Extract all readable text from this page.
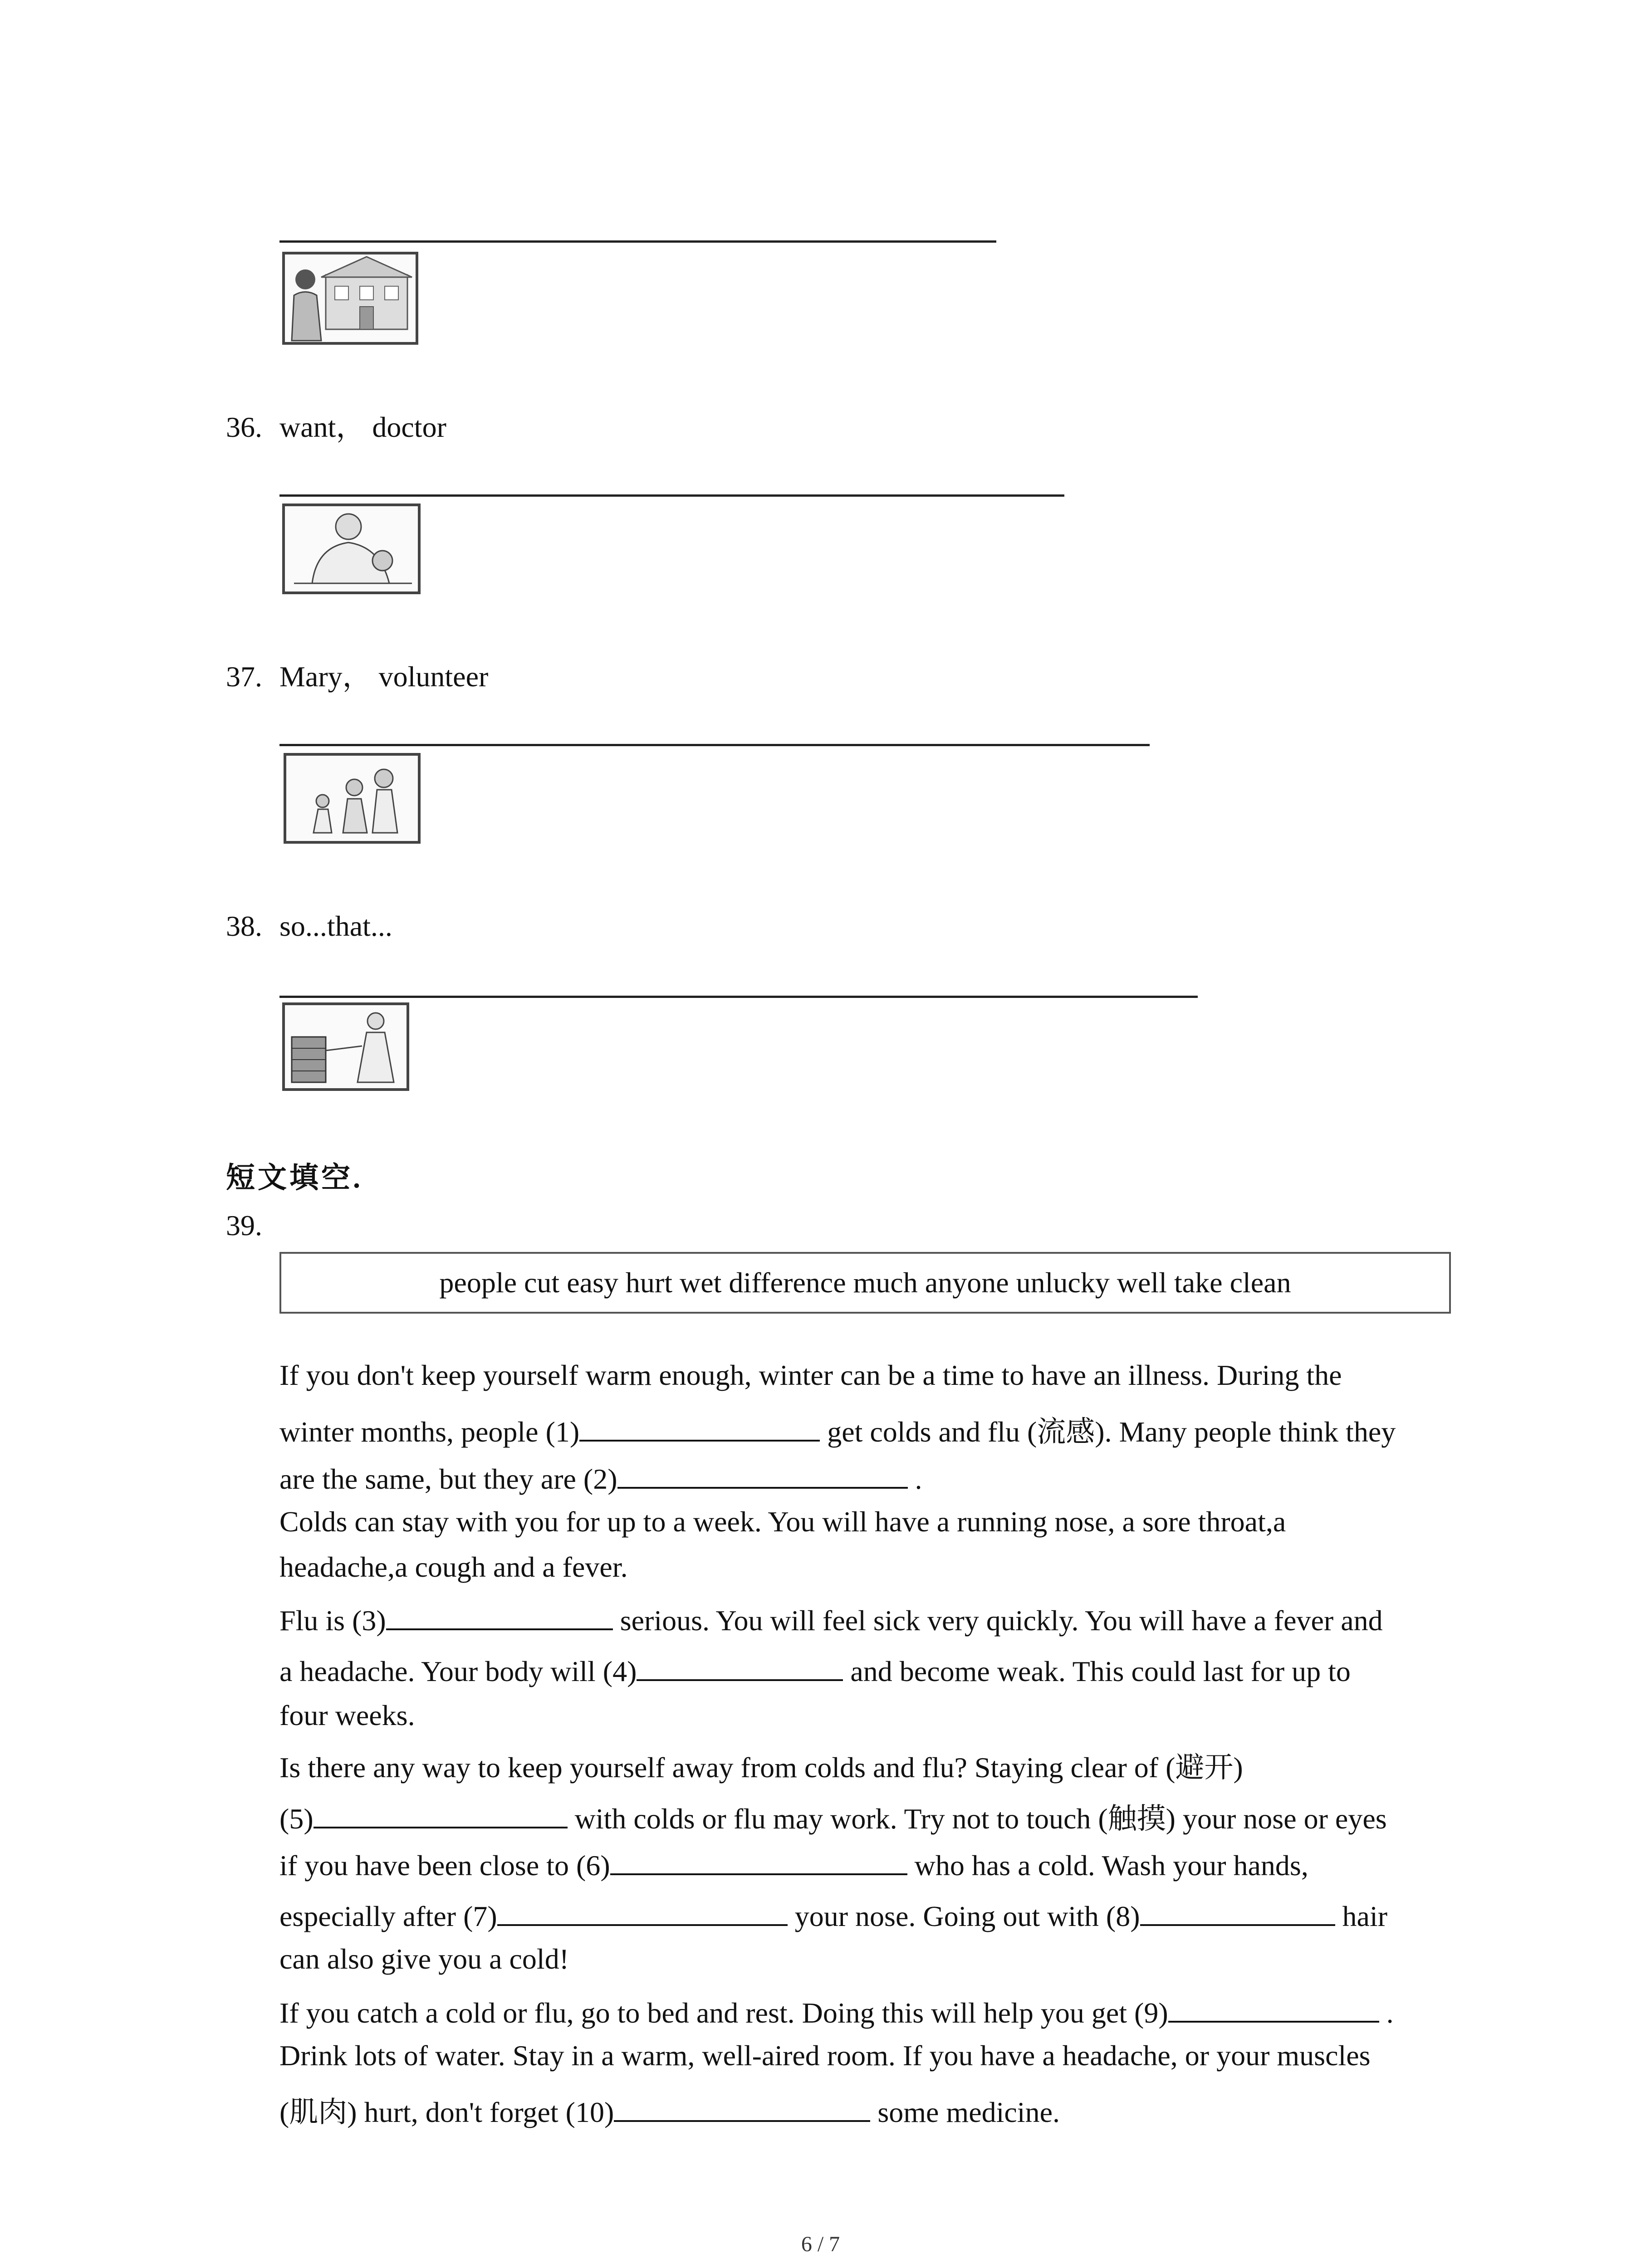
36. want， doctor
37. Mary， volunteer
38. so...that...
短文填空.
39.
people cut easy hurt wet difference much anyone unlucky well take clean
If you don't keep yourself warm enough, winter can be a time to have an illness. During the
winter months, people (1)	get colds and flu (流感). Many people think they
are the same, but they are (2)	.
Colds can stay with you for up to a week. You will have a running nose, a sore throat,a
headache,a cough and a fever.
Flu is (3)	serious. You will feel sick very quickly. You will have a fever and
a headache. Your body will (4)	and become weak. This could last for up to
four weeks.
Is there any way to keep yourself away from colds and flu? Staying clear of (避开)
(5)	with colds or flu may work. Try not to touch (触摸) your nose or eyes
if you have been close to (6)	who has a cold. Wash your hands,
especially after (7)	your nose. Going out with (8)	hair
can also give you a cold!
If you catch a cold or flu, go to bed and rest. Doing this will help you get (9)	.
Drink lots of water. Stay in a warm, well-aired room. If you have a headache, or your muscles
(肌肉) hurt, don't forget (10)	some medicine.
6 / 7
